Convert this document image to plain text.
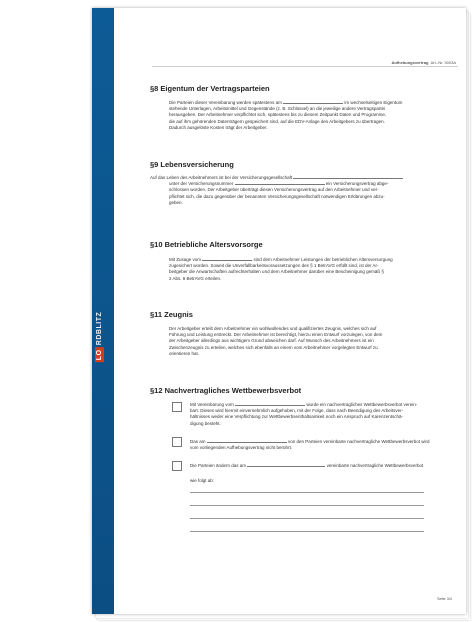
LORDBLITZ
Aufhebungsvertrag Art.-Nr. 3003A
§8 Eigentum der Vertragsparteien
Die Parteien dieser Vereinbarung werden spätestens am	im wechselseitigen Eigentum
stehende Unterlagen, Arbeitsmittel und Gegenstände (z. B. Schlüssel) an die jeweilige andere Vertragspartei
herausgeben. Der Arbeitnehmer verpflichtet sich, spätestens bis zu diesem Zeitpunkt Daten und Programme,
die auf ihm gehörenden Datenträgern gespeichert sind, auf die EDV-Anlage des Arbeitgebers zu übertragen.
Dadurch ausgelöste Kosten trägt der Arbeitgeber.
§9 Lebensversicherung
Auf das Leben des Arbeitnehmers ist bei der Versicherungsgesellschaft
unter der Versicherungsnummer	ein Versicherungsvertrag abge-
schlossen worden. Der Arbeitgeber überträgt diesen Versicherungsvertrag auf den Arbeitnehmer und ver-
pflichtet sich, die dazu gegenüber der benannten Versicherungsgesellschaft notwendigen Erklärungen abzu-
geben.
§10 Betriebliche Altersvorsorge
Mit Zusage vom	sind dem Arbeitnehmer Leistungen der betrieblichen Altersversorgung
zugesichert worden. Soweit die Unverfallbarkeitsvoraussetzungen des § 1 BetrAVG erfüllt sind, ist der Ar-
beitgeber die Anwartschaften aufrechterhalten und dem Arbeitnehmer darüber eine Bescheinigung gemäß §
2 Abs. 6 BetrAVG erteilen.
§11 Zeugnis
Der Arbeitgeber erteilt dem Arbeitnehmer ein wohlwollendes und qualifiziertes Zeugnis, welches sich auf
Führung und Leistung erstreckt. Der Arbeitnehmer ist berechtigt, hierzu einen Entwurf vorzulegen, von dem
der Arbeitgeber allerdings aus wichtigem Grund abweichen darf. Auf Wunsch des Arbeitnehmers ist ein
Zwischenzeugnis zu erteilen, welches sich ebenfalls an einem vom Arbeitnehmer vorgelegten Entwurf zu
orientieren hat.
§12 Nachvertragliches Wettbewerbsverbot
Mit Vereinbarung vom	wurde ein nachvertragliches Wettbewerbsverbot verein-
bart. Dieses wird hiermit einvernehmlich aufgehoben, mit der Folge, dass nach Beendigung des Arbeitsver-
hältnisses weder eine Verpflichtung zur Wettbewerbsenthaltsamkeit noch ein Anspruch auf Karenzentschä-
digung besteht.
Das am	von den Parteien vereinbarte nachvertragliche Wettbewerbsverbot wird
vom vorliegenden Aufhebungsvertrag nicht berührt.
Die Parteien ändern das am	vereinbarte nachvertragliche Wettbewerbsverbot
wie folgt ab:
Seite 3/4
